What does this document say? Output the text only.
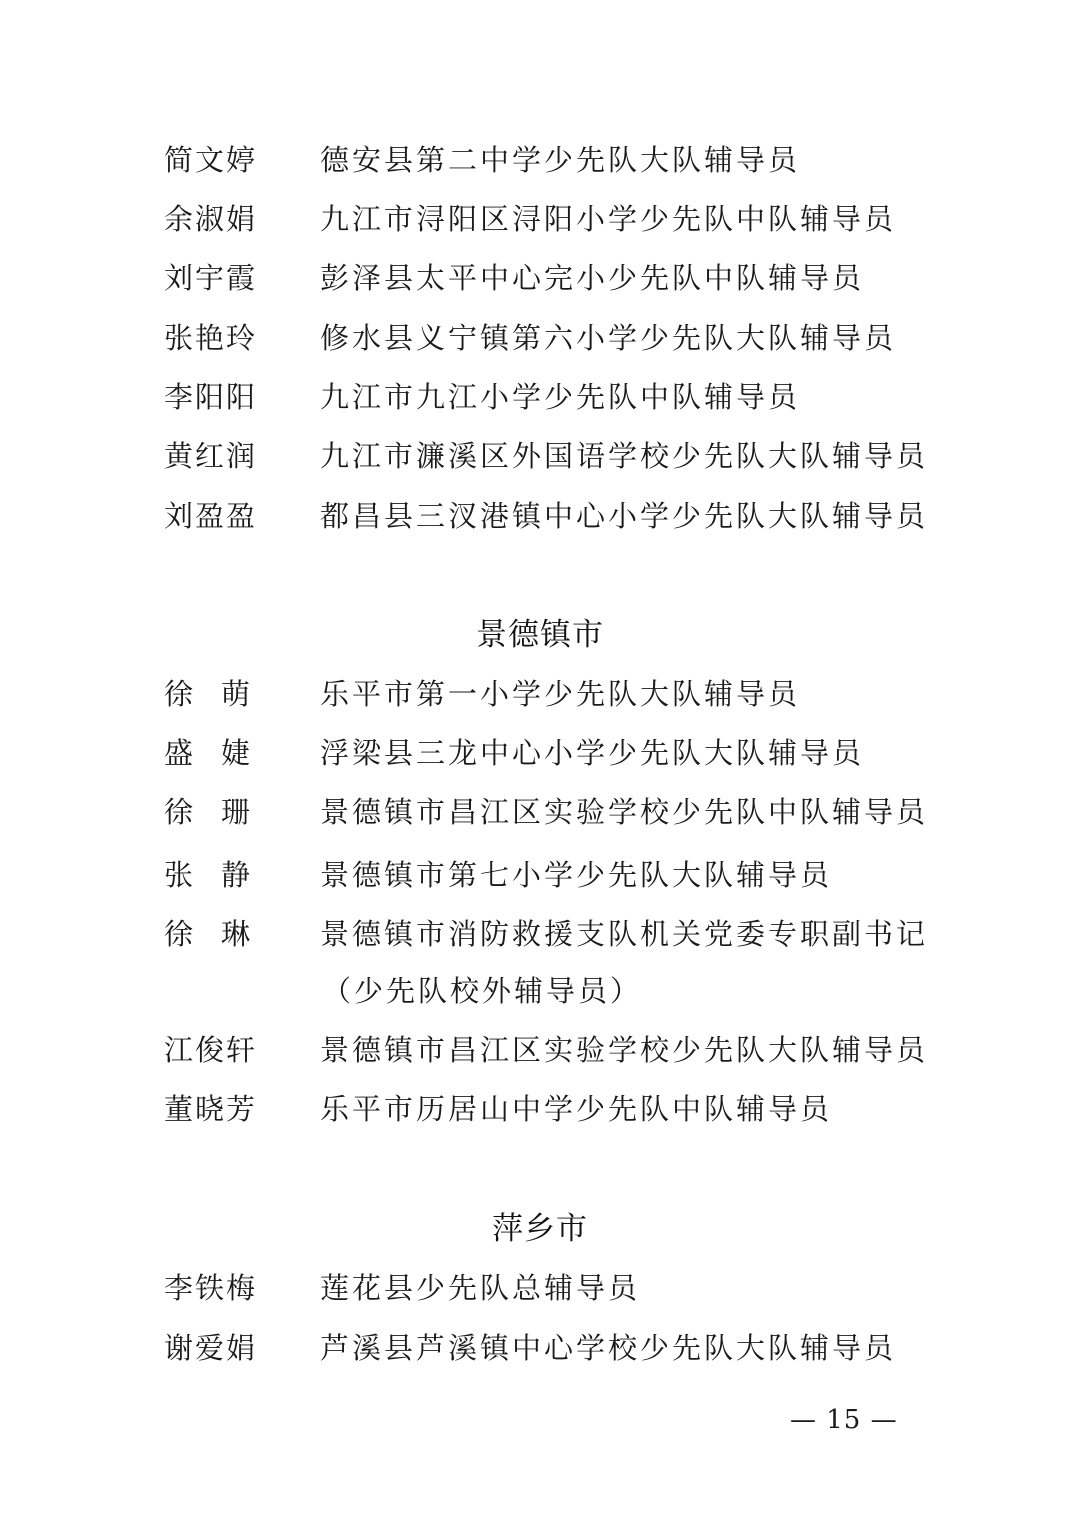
简文婷 德安县第二中学少先队大队辅导员
余淑娟 九江市浔阳区浔阳小学少先队中队辅导员
刘宇霞 彭泽县太平中心完小少先队中队辅导员
张艳玲 修水县义宁镇第六小学少先队大队辅导员
李阳阳 九江市九江小学少先队中队辅导员
黄红润 九江市濂溪区外国语学校少先队大队辅导员
刘盈盈 都昌县三汊港镇中心小学少先队大队辅导员
景德镇市
徐 萌 乐平市第一小学少先队大队辅导员
盛 婕 浮梁县三龙中心小学少先队大队辅导员
徐 珊 景德镇市昌江区实验学校少先队中队辅导员
张 静 景德镇市第七小学少先队大队辅导员
徐 琳 景德镇市消防救援支队机关党委专职副书记
（少先队校外辅导员）
江俊轩 景德镇市昌江区实验学校少先队大队辅导员
董晓芳 乐平市历居山中学少先队中队辅导员
萍乡市
李铁梅 莲花县少先队总辅导员
谢爱娟 芦溪县芦溪镇中心学校少先队大队辅导员
— 15 —
